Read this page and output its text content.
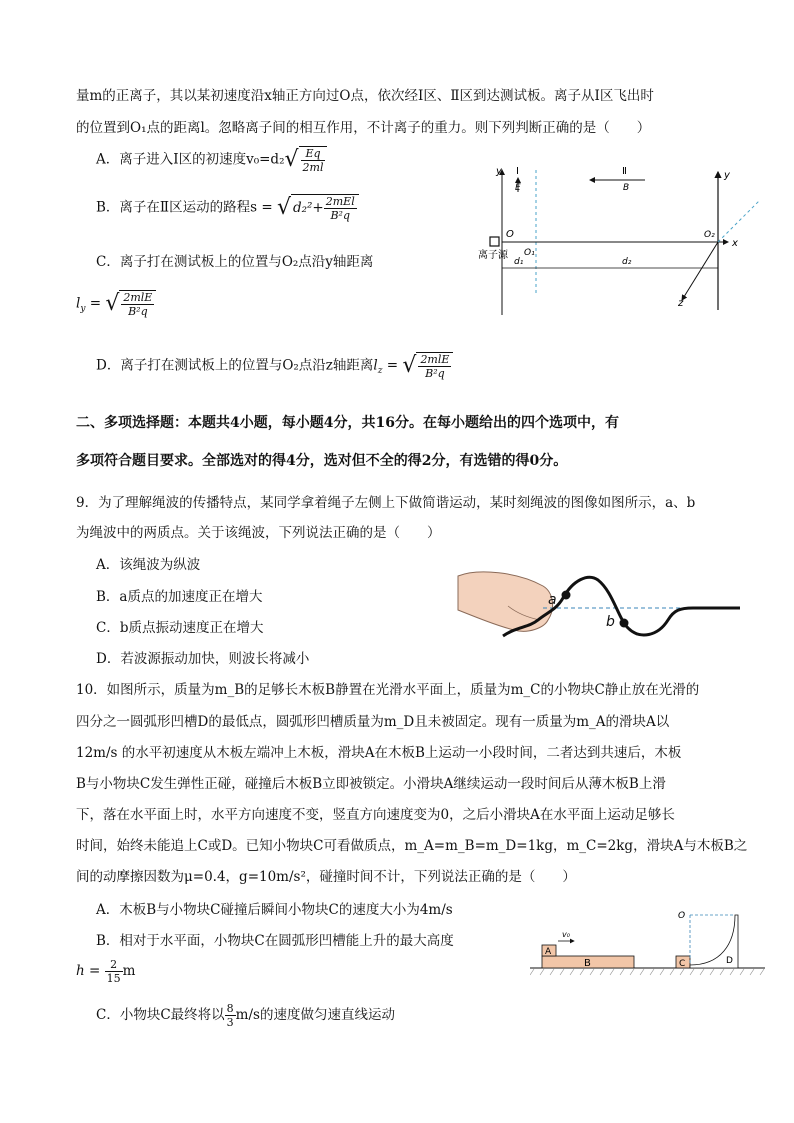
量m的正离子，其以某初速度沿x轴正方向过O点，依次经Ⅰ区、Ⅱ区到达测试板。离子从Ⅰ区飞出时
的位置到O₁点的距离l。忽略离子间的相互作用，不计离子的重力。则下列判断正确的是（　　）
A．离子进入Ⅰ区的初速度$v_0=d_2√ \frac{Eq}{2ml}$
B．离子在Ⅱ区运动的路程s = √ $d_2^2+ \frac{\text{2mEl}}{\text{B²q}}$
C．离子打在测试板上的位置与O₂点沿y轴距离
$l_y$ = √ $\frac{\text{2mlE}}{\text{B²q}}$
D．离子打在测试板上的位置与O₂点沿z轴距离$l_z$ = √ $\frac{\text{2mlE}}{\text{B²q}}$
y Ⅰ
E
Ⅱ
B
y
x
O
O₁
O₂
离子源
d₁	d₂
z
二、多项选择题：本题共4小题，每小题4分，共16分。在每小题给出的四个选项中，有
多项符合题目要求。全部选对的得4分，选对但不全的得2分，有选错的得0分。
9．为了理解绳波的传播特点，某同学拿着绳子左侧上下做简谐运动，某时刻绳波的图像如图所示，a、b
为绳波中的两质点。关于该绳波，下列说法正确的是（　　）
A．该绳波为纵波
B．a质点的加速度正在增大
C．b质点振动速度正在增大
D．若波源振动加快，则波长将减小
a
b
10．如图所示，质量为m_B的足够长木板B静置在光滑水平面上，质量为m_C的小物块C静止放在光滑的
四分之一圆弧形凹槽D的最低点，圆弧形凹槽质量为m_D且未被固定。现有一质量为m_A的滑块A以
12m/s 的水平初速度从木板左端冲上木板，滑块A在木板B上运动一小段时间，二者达到共速后，木板
B与小物块C发生弹性正碰，碰撞后木板B立即被锁定。小滑块A继续运动一段时间后从薄木板B上滑
下，落在水平面上时，水平方向速度不变，竖直方向速度变为0，之后小滑块A在水平面上运动足够长
时间，始终未能追上C或D。已知小物块C可看做质点，m_A=m_B=m_D=1kg，m_C=2kg，滑块A与木板B之
间的动摩擦因数为μ=0.4，g=10m/s²，碰撞时间不计，下列说法正确的是（　　）
A．木板B与小物块C碰撞后瞬间小物块C的速度大小为4m/s
B．相对于水平面，小物块C在圆弧形凹槽能上升的最大高度
$h = \frac{2}{15}$ m
C．小物块C最终将以 $\frac{8}{3} m/s$的速度做匀速直线运动
B
A
v₀
C
O
D
